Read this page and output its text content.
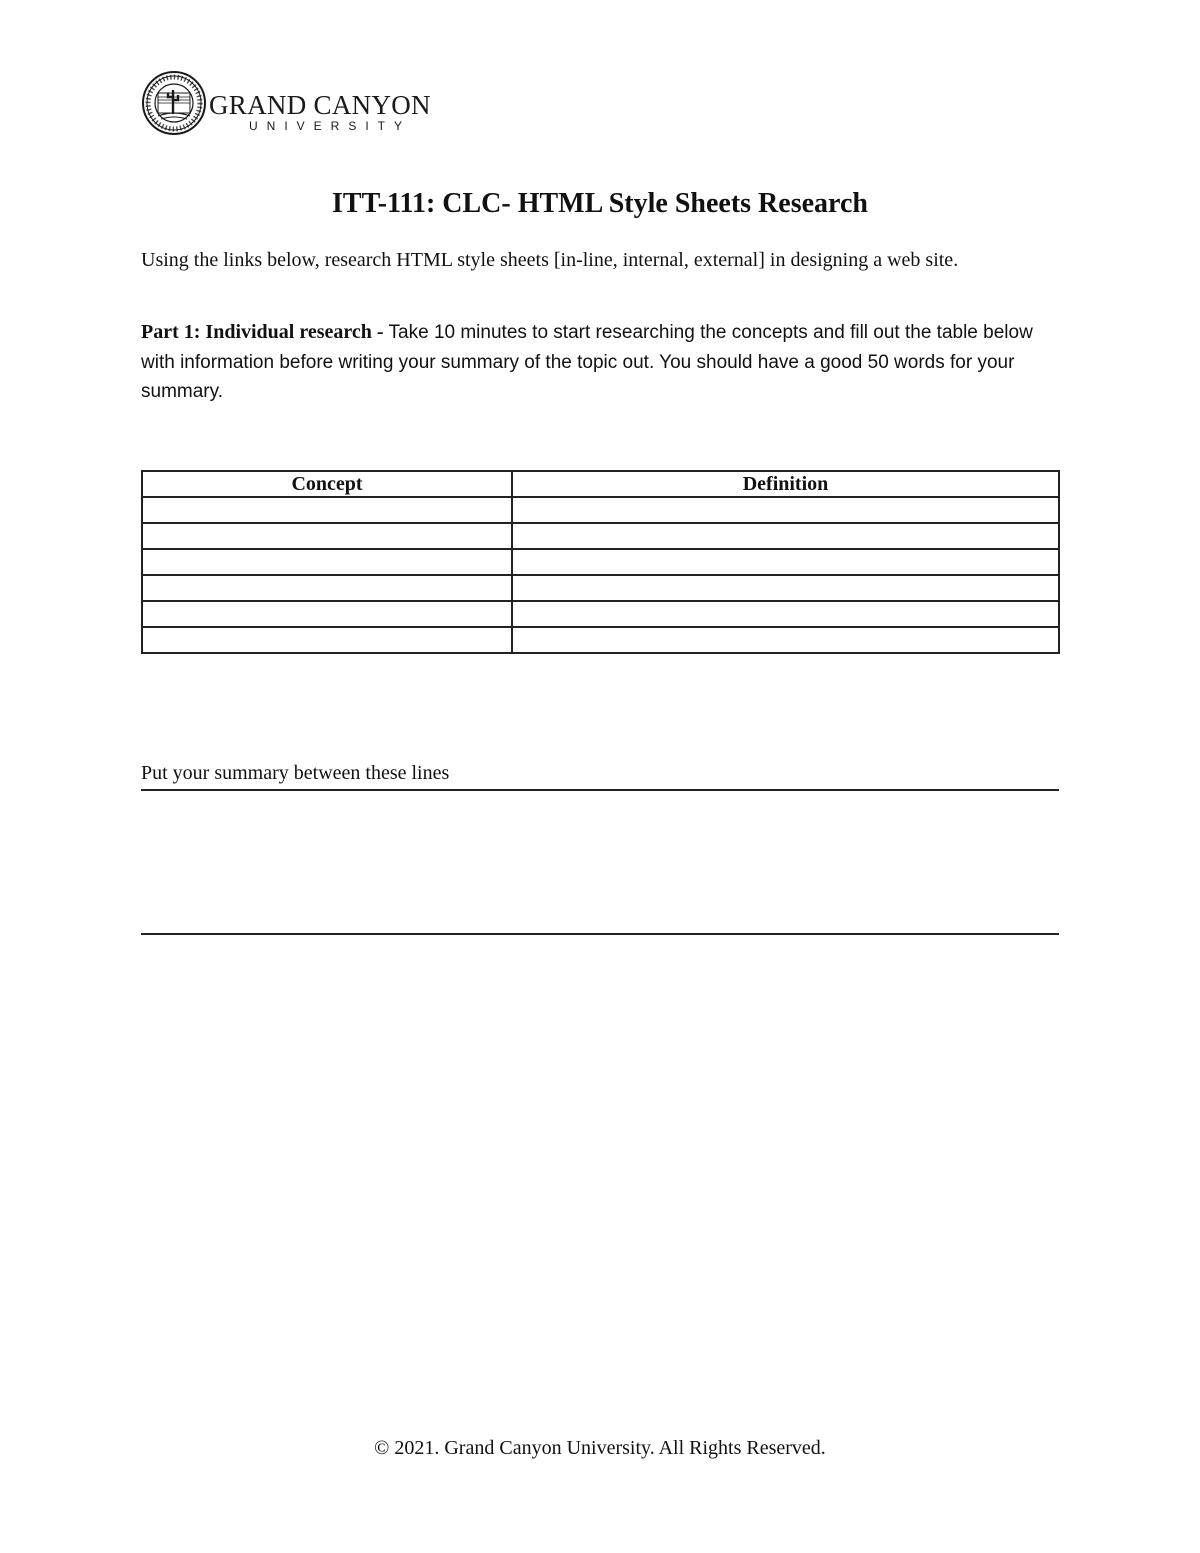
GRAND CANYON
UNIVERSITY
ITT-111: CLC- HTML Style Sheets Research
Using the links below, research HTML style sheets [in-line, internal, external] in designing a web site.
Part 1: Individual research - Take 10 minutes to start researching the concepts and fill out the table below with information before writing your summary of the topic out. You should have a good 50 words for your summary.
Concept	Definition

Put your summary between these lines
© 2021. Grand Canyon University. All Rights Reserved.
